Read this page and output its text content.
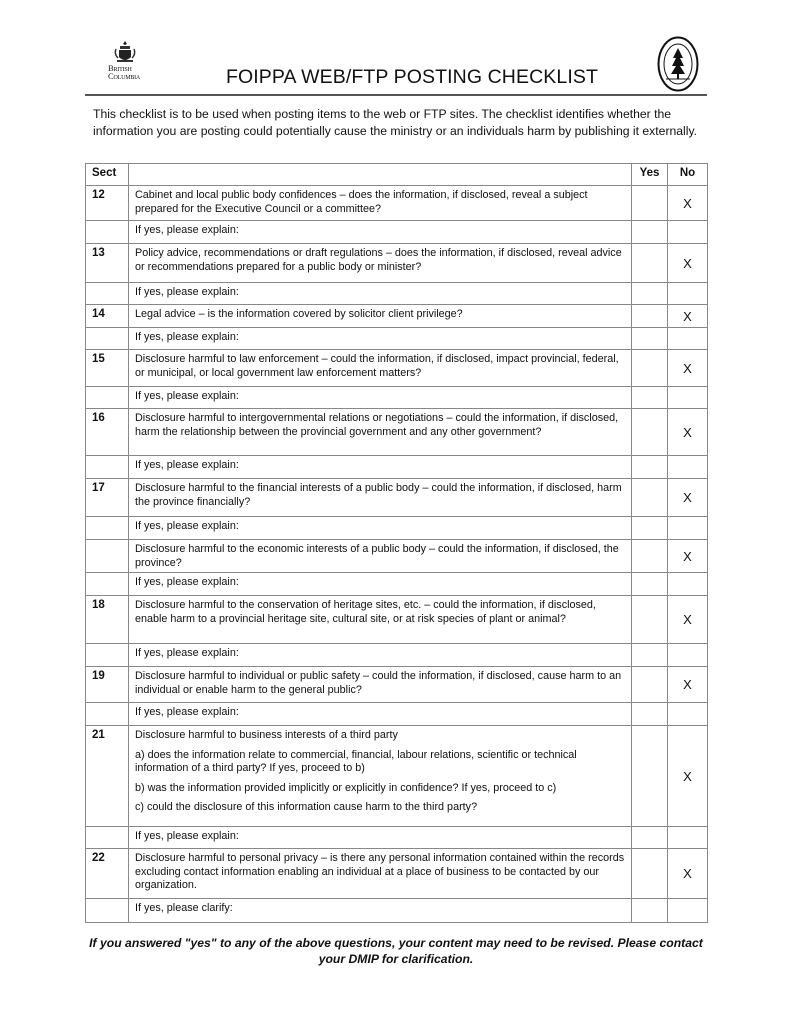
British
Columbia	FOIPPA WEB/FTP POSTING CHECKLIST

This checklist is to be used when posting items to the web or FTP sites. The checklist identifies whether the information you are posting could potentially cause the ministry or an individuals harm by publishing it externally.

Sect		Yes	No
12	Cabinet and local public body confidences – does the information, if disclosed, reveal a subject prepared for the Executive Council or a committee?		X
	If yes, please explain:		
13	Policy advice, recommendations or draft regulations – does the information, if disclosed, reveal advice or recommendations prepared for a public body or minister?		X
	If yes, please explain:		
14	Legal advice – is the information covered by solicitor client privilege?		X
	If yes, please explain:		
15	Disclosure harmful to law enforcement – could the information, if disclosed, impact provincial, federal, or municipal, or local government law enforcement matters?		X
	If yes, please explain:		
16	Disclosure harmful to intergovernmental relations or negotiations – could the information, if disclosed, harm the relationship between the provincial government and any other government?		X
	If yes, please explain:		
17	Disclosure harmful to the financial interests of a public body – could the information, if disclosed, harm the province financially?		X
	If yes, please explain:		

	Disclosure harmful to the economic interests of a public body – could the information, if disclosed, the province?		X
	If yes, please explain:		
18	Disclosure harmful to the conservation of heritage sites, etc. – could the information, if disclosed, enable harm to a provincial heritage site, cultural site, or at risk species of plant or animal?		X
	If yes, please explain:		
19	Disclosure harmful to individual or public safety – could the information, if disclosed, cause harm to an individual or enable harm to the general public?		X
	If yes, please explain:		
21	Disclosure harmful to business interests of a third party

a) does the information relate to commercial, financial, labour relations, scientific or technical information of a third party? If yes, proceed to b)

b) was the information provided implicitly or explicitly in confidence? If yes, proceed to c)

c) could the disclosure of this information cause harm to the third party?		X
	If yes, please explain:		
22	Disclosure harmful to personal privacy – is there any personal information contained within the records excluding contact information enabling an individual at a place of business to be contacted by our organization.		X
	If yes, please clarify:		
If you answered "yes" to any of the above questions, your content may need to be revised. Please contact your DMIP for clarification.
